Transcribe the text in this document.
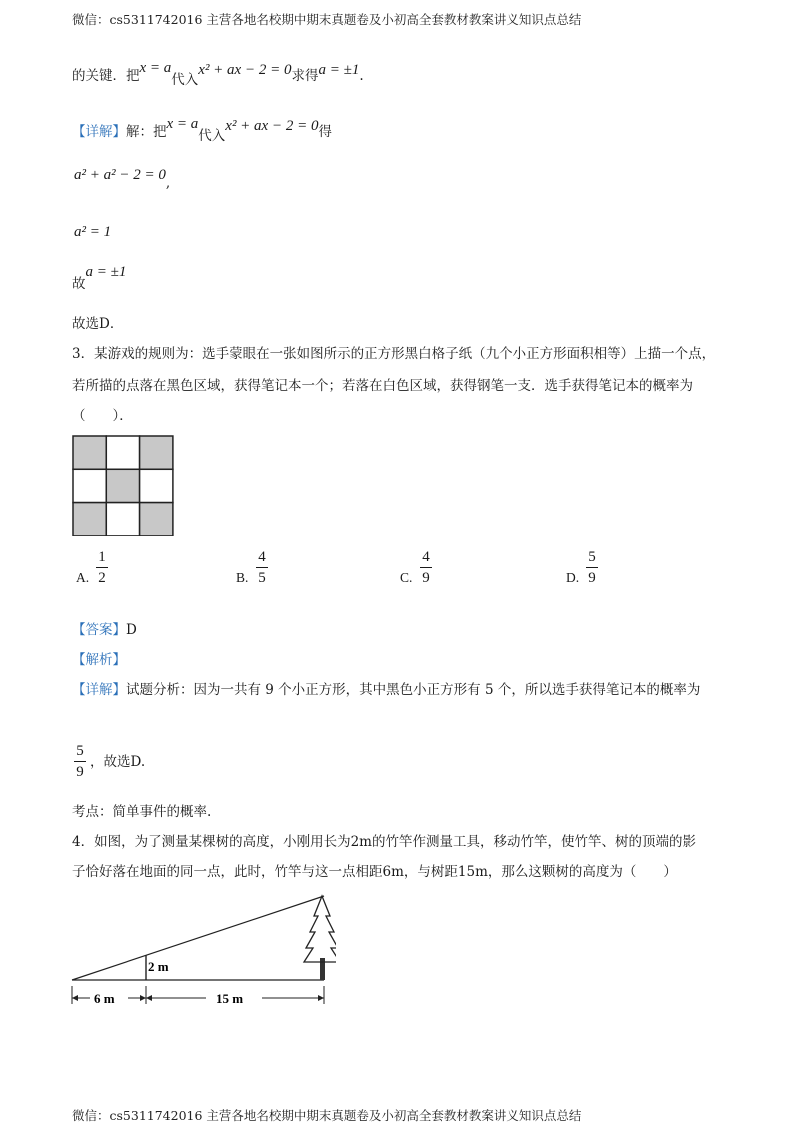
微信：cs5311742016 主营各地名校期中期末真题卷及小初高全套教材教案讲义知识点总结
的关键．把x = a代入x² + ax − 2 = 0求得a = ±1.
【详解】解：把x = a代入x² + ax − 2 = 0得
$a^2 + a^2 - 2 = 0_,$
a² = 1
故a = ±1
故选D．
3．某游戏的规则为：选手蒙眼在一张如图所示的正方形黑白格子纸（九个小正方形面积相等）上描一个点，
若所描的点落在黑色区域，获得笔记本一个；若落在白色区域，获得钢笔一支．选手获得笔记本的概率为
（　　）．
A.
1
2	B.
4
5	C.
4
9	D.
5
9
【答案】D
【解析】
【详解】试题分析：因为一共有 9 个小正方形，其中黑色小正方形有 5 个，所以选手获得笔记本的概率为
5
9
，故选D.
考点：简单事件的概率.
4．如图，为了测量某棵树的高度，小刚用长为2m的竹竿作测量工具，移动竹竿，使竹竿、树的顶端的影
子恰好落在地面的同一点，此时，竹竿与这一点相距6m，与树距15m，那么这颗树的高度为（　　）
2 m
6 m	15 m
微信：cs5311742016 主营各地名校期中期末真题卷及小初高全套教材教案讲义知识点总结
